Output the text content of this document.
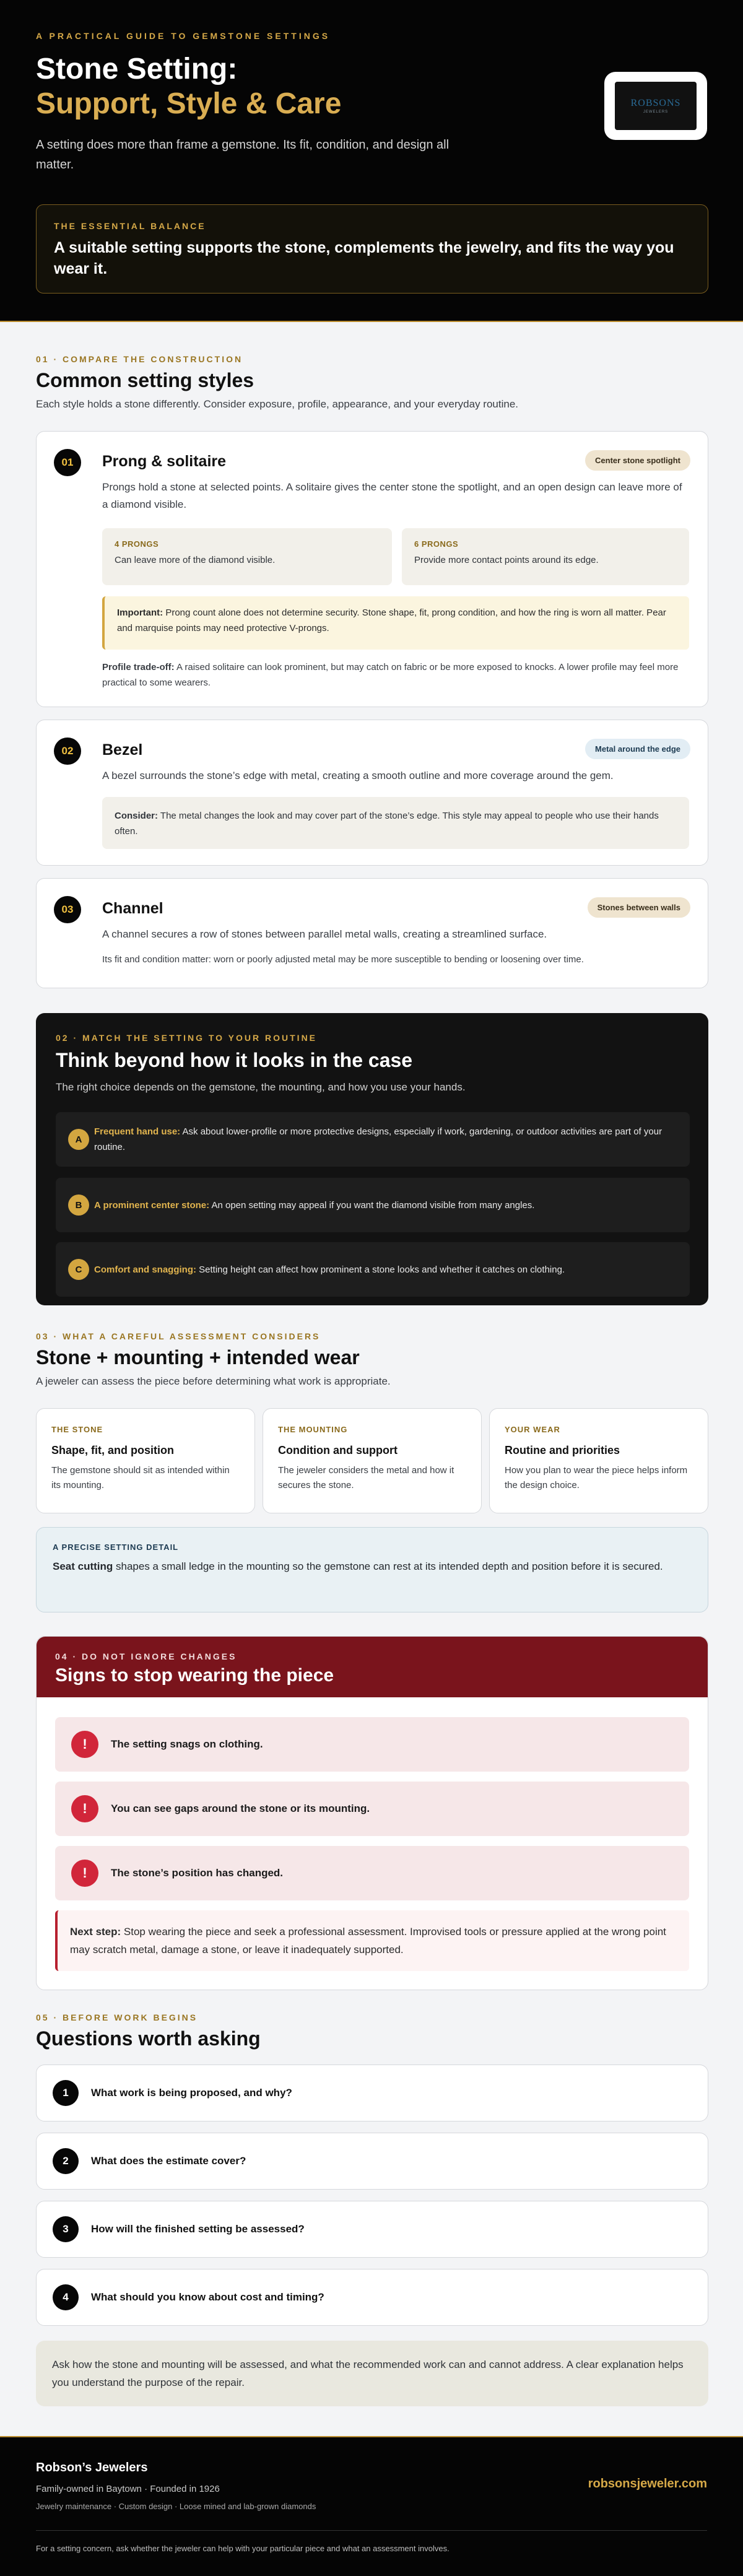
A PRACTICAL GUIDE TO GEMSTONE SETTINGS
Stone Setting:
Support, Style & Care

A setting does more than frame a gemstone. Its fit, condition, and design all matter.

ROBSONS
JEWELERS
THE ESSENTIAL BALANCE
A suitable setting supports the stone, complements the jewelry, and fits the way you wear it.
01 · COMPARE THE CONSTRUCTION
Common setting styles
Each style holds a stone differently. Consider exposure, profile, appearance, and your everyday routine.
01	Prong & solitaire	Center stone spotlight

Prongs hold a stone at selected points. A solitaire gives the center stone the spotlight, and an open design can leave more of a diamond visible.

4 PRONGS
Can leave more of the diamond visible.
6 PRONGS
Provide more contact points around its edge.
Important: Prong count alone does not determine security. Stone shape, fit, prong condition, and how the ring is worn all matter. Pear and marquise points may need protective V-prongs.

Profile trade-off: A raised solitaire can look prominent, but may catch on fabric or be more exposed to knocks. A lower profile may feel more practical to some wearers.

02	Bezel	Metal around the edge

A bezel surrounds the stone’s edge with metal, creating a smooth outline and more coverage around the gem.

Consider: The metal changes the look and may cover part of the stone’s edge. This style may appeal to people who use their hands often.
03	Channel	Stones between walls

A channel secures a row of stones between parallel metal walls, creating a streamlined surface.

Its fit and condition matter: worn or poorly adjusted metal may be more susceptible to bending or loosening over time.

02 · MATCH THE SETTING TO YOUR ROUTINE
Think beyond how it looks in the case
The right choice depends on the gemstone, the mounting, and how you use your hands.
A

Frequent hand use: Ask about lower-profile or more protective designs, especially if work, gardening, or outdoor activities are part of your routine.

B	A prominent center stone: An open setting may appeal if you want the diamond visible from many angles.

C	Comfort and snagging: Setting height can affect how prominent a stone looks and whether it catches on clothing.

03 · WHAT A CAREFUL ASSESSMENT CONSIDERS
Stone + mounting + intended wear
A jeweler can assess the piece before determining what work is appropriate.
THE STONE
Shape, fit, and position
The gemstone should sit as intended within its mounting.
THE MOUNTING
Condition and support
The jeweler considers the metal and how it secures the stone.
YOUR WEAR
Routine and priorities
How you plan to wear the piece helps inform the design choice.
A PRECISE SETTING DETAIL

Seat cutting shapes a small ledge in the mounting so the gemstone can rest at its intended depth and position before it is secured.

04 · DO NOT IGNORE CHANGES
Signs to stop wearing the piece
!	The setting snags on clothing.
!	You can see gaps around the stone or its mounting.
!	The stone’s position has changed.
Next step: Stop wearing the piece and seek a professional assessment. Improvised tools or pressure applied at the wrong point may scratch metal, damage a stone, or leave it inadequately supported.
05 · BEFORE WORK BEGINS
Questions worth asking
1	What work is being proposed, and why?
2	What does the estimate cover?
3	How will the finished setting be assessed?
4	What should you know about cost and timing?
Ask how the stone and mounting will be assessed, and what the recommended work can and cannot address. A clear explanation helps you understand the purpose of the repair.
Robson’s Jewelers
Family-owned in Baytown · Founded in 1926
Jewelry maintenance · Custom design · Loose mined and lab-grown diamonds
robsonsjeweler.com
For a setting concern, ask whether the jeweler can help with your particular piece and what an assessment involves.
